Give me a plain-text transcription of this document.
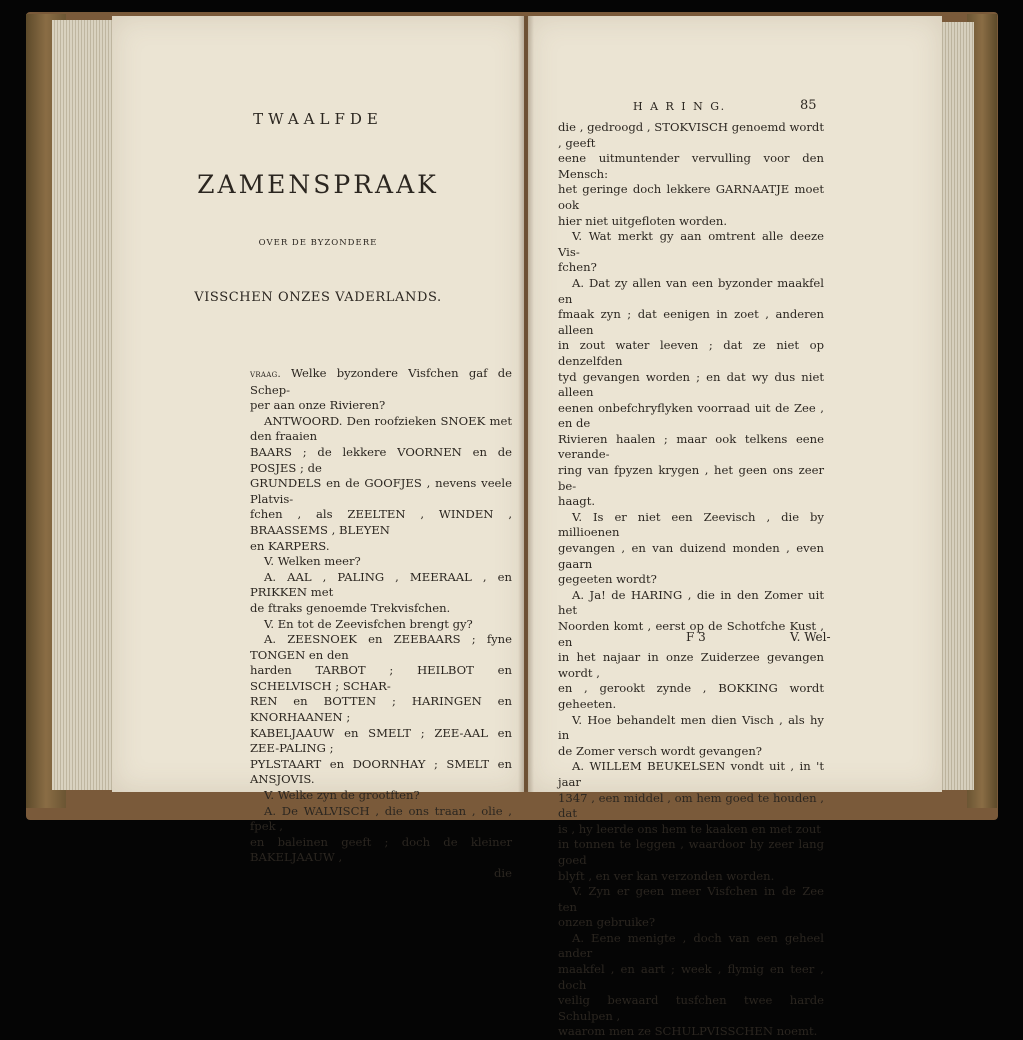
TWAALFDE
ZAMENSPRAAK
OVER DE BYZONDERE
VISSCHEN ONZES VADERLANDS.
vraag. Welke byzondere Visfchen gaf de Schep-
per aan onze Rivieren?
ANTWOORD. Den roofzieken SNOEK met den fraaien
BAARS ; de lekkere VOORNEN en de POSJES ; de
GRUNDELS en de GOOFJES , nevens veele Platvis-
fchen , als ZEELTEN , WINDEN , BRAASSEMS , BLEYEN
en KARPERS.
V. Welken meer?
A. AAL , PALING , MEERAAL , en PRIKKEN met
de ftraks genoemde Trekvisfchen.
V. En tot de Zeevisfchen brengt gy?
A. ZEESNOEK en ZEEBAARS ; fyne TONGEN en den
harden TARBOT ; HEILBOT en SCHELVISCH ; SCHAR-
REN en BOTTEN ; HARINGEN en KNORHAANEN ;
KABELJAAUW en SMELT ; ZEE-AAL en ZEE-PALING ;
PYLSTAART en DOORNHAY ; SMELT en ANSJOVIS.
V. Welke zyn de grootften?
A. De WALVISCH , die ons traan , olie , fpek ,
en baleinen geeft ; doch de kleiner BAKELJAAUW ,
die
H A R I N G.	85
die , gedroogd , STOKVISCH genoemd wordt , geeft
eene uitmuntender vervulling voor den Mensch:
het geringe doch lekkere GARNAATJE moet ook
hier niet uitgefloten worden.
V. Wat merkt gy aan omtrent alle deeze Vis-
fchen?
A. Dat zy allen van een byzonder maakfel en
fmaak zyn ; dat eenigen in zoet , anderen alleen
in zout water leeven ; dat ze niet op denzelfden
tyd gevangen worden ; en dat wy dus niet alleen
eenen onbefchryflyken voorraad uit de Zee , en de
Rivieren haalen ; maar ook telkens eene verande-
ring van fpyzen krygen , het geen ons zeer be-
haagt.
V. Is er niet een Zeevisch , die by millioenen
gevangen , en van duizend monden , even gaarn
gegeeten wordt?
A. Ja! de HARING , die in den Zomer uit het
Noorden komt , eerst op de Schotfche Kust , en
in het najaar in onze Zuiderzee gevangen wordt ,
en , gerookt zynde , BOKKING wordt geheeten.
V. Hoe behandelt men dien Visch , als hy in
de Zomer versch wordt gevangen?
A. WILLEM BEUKELSEN vondt uit , in 't jaar
1347 , een middel , om hem goed te houden , dat
is , hy leerde ons hem te kaaken en met zout
in tonnen te leggen , waardoor hy zeer lang goed
blyft , en ver kan verzonden worden.
V. Zyn er geen meer Visfchen in de Zee ten
onzen gebruike?
A. Eene menigte , doch van een geheel ander
maakfel , en aart ; week , flymig en teer , doch
veilig bewaard tusfchen twee harde Schulpen ,
waarom men ze SCHULPVISSCHEN noemt.
F 3	V. Wel-
